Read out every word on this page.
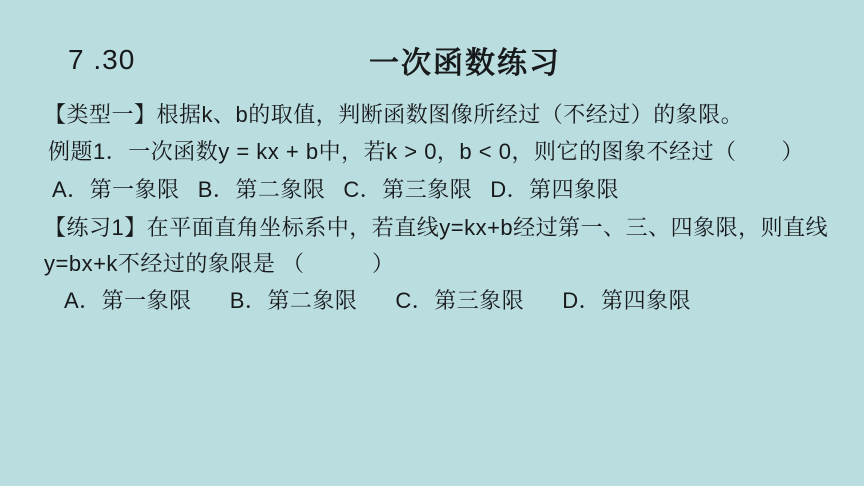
7 .30	一次函数练习

【类型一】根据k、b的取值，判断函数图像所经过（不经过）的象限。

例题1．一次函数y = kx + b中，若k > 0，b < 0，则它的图象不经过（　　）

A．第一象限 B．第二象限 C．第三象限 D．第四象限

【练习1】在平面直角坐标系中，若直线y=kx+b经过第一、三、四象限，则直线

y=bx+k不经过的象限是 （　　　）

A．第一象限 B．第二象限 C．第三象限 D．第四象限
